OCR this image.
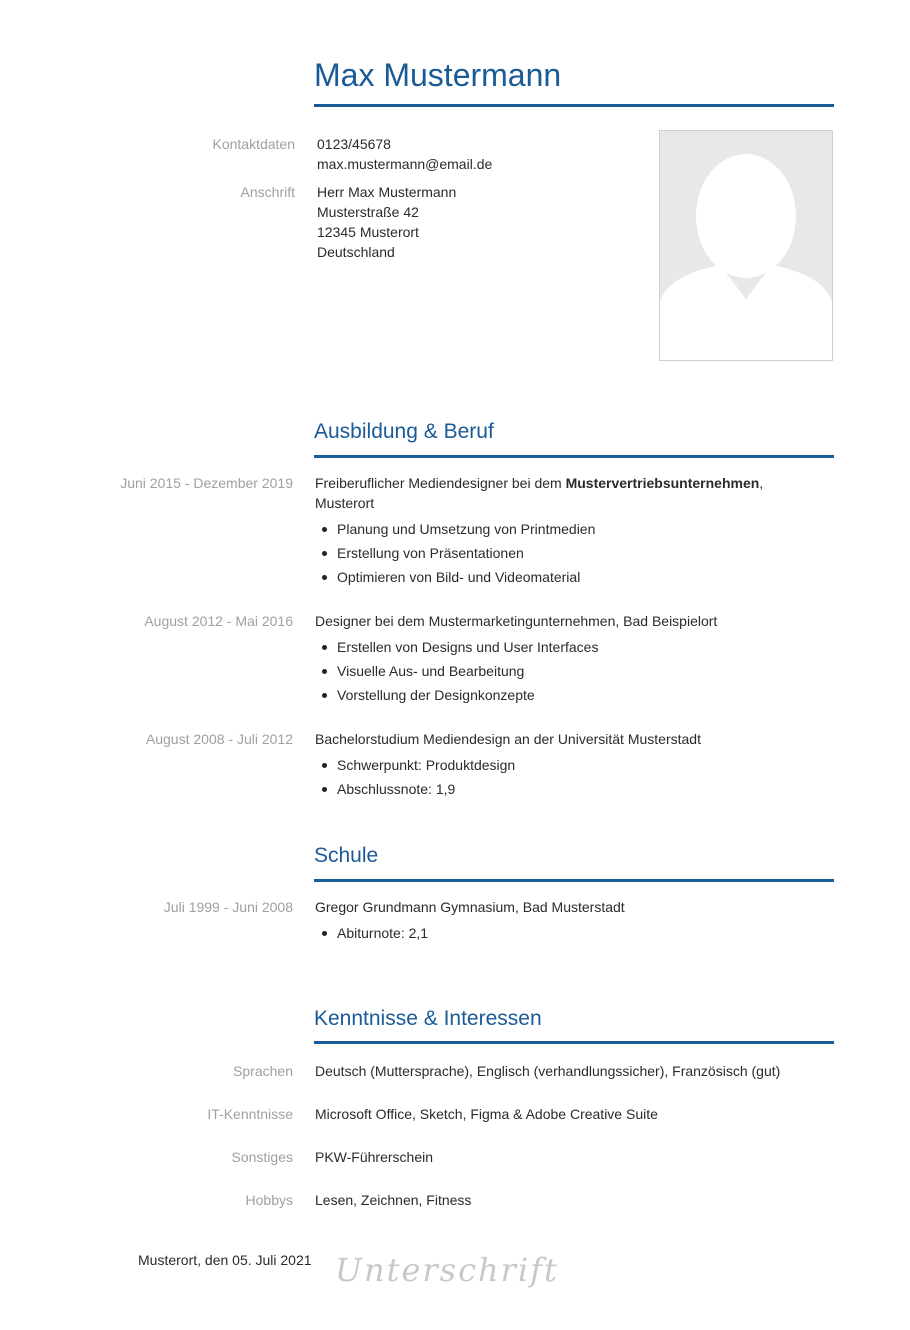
Max Mustermann
Kontaktdaten 0123/45678
max.mustermann@email.de
Anschrift Herr Max Mustermann
Musterstraße 42
12345 Musterort
Deutschland
Ausbildung & Beruf
Juni 2015 - Dezember 2019 Freiberuflicher Mediendesigner bei dem Mustervertriebsunternehmen, Musterort
Planung und Umsetzung von Printmedien
Erstellung von Präsentationen
Optimieren von Bild- und Videomaterial
August 2012 - Mai 2016 Designer bei dem Mustermarketingunternehmen, Bad Beispielort
Erstellen von Designs und User Interfaces
Visuelle Aus- und Bearbeitung
Vorstellung der Designkonzepte
August 2008 - Juli 2012 Bachelorstudium Mediendesign an der Universität Musterstadt
Schwerpunkt: Produktdesign
Abschlussnote: 1,9
Schule
Juli 1999 - Juni 2008 Gregor Grundmann Gymnasium, Bad Musterstadt
Abiturnote: 2,1
Kenntnisse & Interessen
Sprachen Deutsch (Muttersprache), Englisch (verhandlungssicher), Französisch (gut)
IT-Kenntnisse Microsoft Office, Sketch, Figma & Adobe Creative Suite
Sonstiges PKW-Führerschein
Hobbys Lesen, Zeichnen, Fitness
Musterort, den 05. Juli 2021 Unterschrift
